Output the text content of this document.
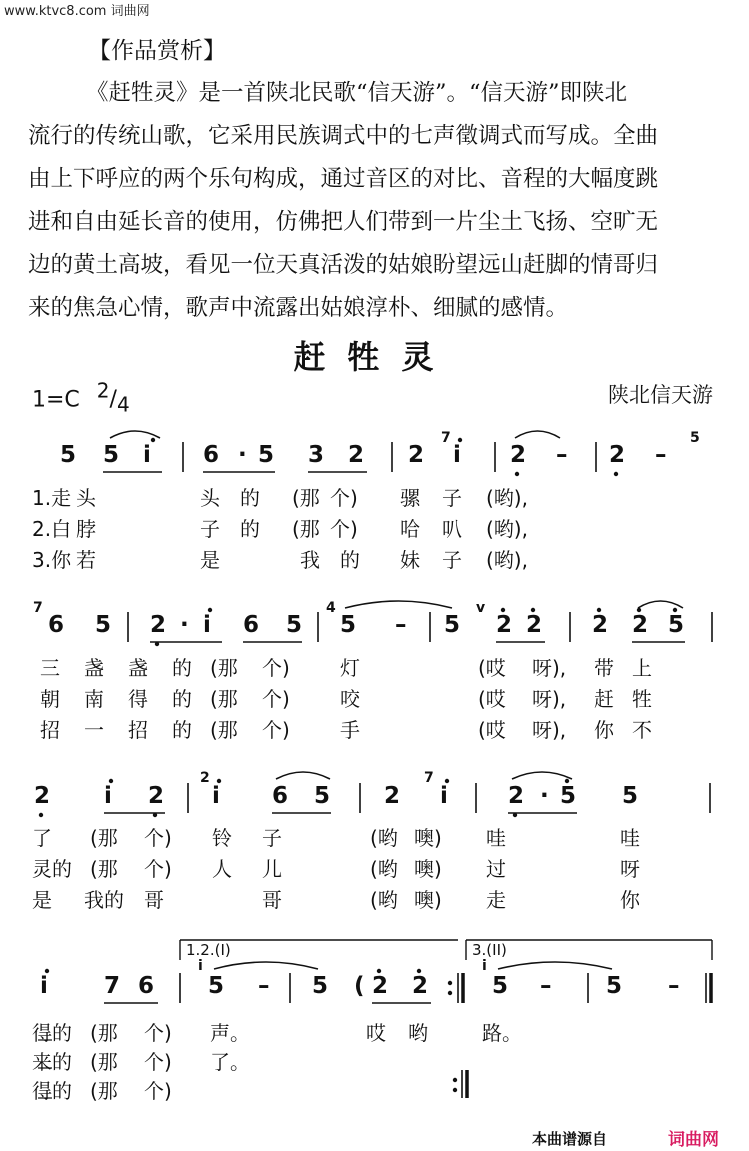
www.ktvc8.com 词曲网
【作品赏析】
《赶牲灵》是一首陕北民歌“信天游”。“信天游”即陕北
流行的传统山歌，它采用民族调式中的七声徵调式而写成。全曲
由上下呼应的两个乐句构成，通过音区的对比、音程的大幅度跳
进和自由延长音的使用，仿佛把人们带到一片尘土飞扬、空旷无
边的黄土高坡，看见一位天真活泼的姑娘盼望远山赶脚的情哥归
来的焦急心情，歌声中流露出姑娘淳朴、细腻的感情。
赶牲灵
1=C $^2/_4$	陕北信天游
5 5 i 6 · 5 3 2 2 i 2 – 2 –
7	5
1.走 头	头 的 (那 个) 骡 子 (哟),
2.白 脖	子 的 (那 个) 哈 叭 (哟),
3.你 若	是	我 的 妹 子 (哟),
6 5 2 · i 6 5 5 – 5 2 2 2 2 5
7	4	v
三 盏 盏 的 (那 个)	灯	(哎 呀), 带 上
朝 南 得 的 (那 个)	咬	(哎 呀), 赶 牲
招 一 招 的 (那 个)	手	(哎 呀), 你 不
2 i 2 i 6 5 2 i	2 · 5 5
2	7
了 (那 个) 铃 子	(哟 噢) 哇	哇
灵的 (那 个) 人 儿	(哟 噢) 过	呀
是 我的 哥	哥	(哟 噢) 走	你
i 7 6 5 – 5 ( 2 2	5 – 5 –
i	i
1.2.(I)	3.(II)
得的 (那 个) 声。	哎 哟	路。
来的 (那 个) 了。
得的 (那 个)
本曲谱源自	词曲网
